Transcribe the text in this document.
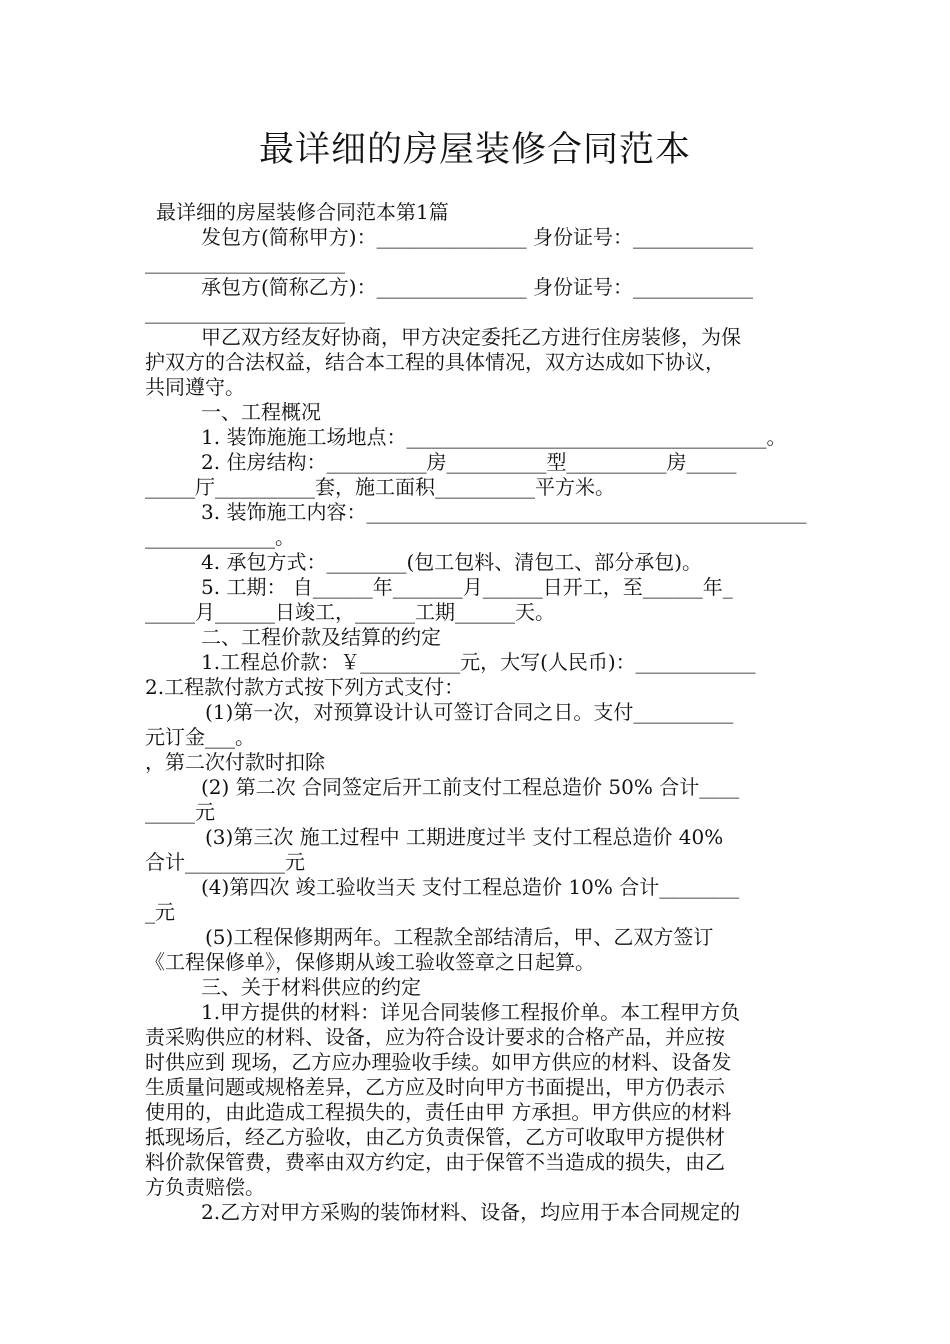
最详细的房屋装修合同范本
最详细的房屋装修合同范本第1篇
发包方(简称甲方)：_______________ 身份证号：____________
____________________
承包方(简称乙方)：_______________ 身份证号：____________
____________________
甲乙双方经友好协商，甲方决定委托乙方进行住房装修，为保
护双方的合法权益，结合本工程的具体情况，双方达成如下协议，
共同遵守。
一、工程概况
1. 装饰施施工场地点：____________________________________。
2. 住房结构：__________房__________型__________房_____
_____厅__________套，施工面积__________平方米。
3. 装饰施工内容：____________________________________________
_____________。
4. 承包方式：________(包工包料、清包工、部分承包)。
5. 工期： 自______年_______月______日开工，至______年_
_____月______日竣工，______工期______天。
二、工程价款及结算的约定
1.工程总价款：￥__________元，大写(人民币)：____________
2.工程款付款方式按下列方式支付：
(1)第一次，对预算设计认可签订合同之日。支付__________
元订金___。
，第二次付款时扣除
(2) 第二次 合同签定后开工前支付工程总造价 50% 合计____
_____元
(3)第三次 施工过程中 工期进度过半 支付工程总造价 40%
合计__________元
(4)第四次 竣工验收当天 支付工程总造价 10% 合计________
_元
(5)工程保修期两年。工程款全部结清后，甲、乙双方签订
《工程保修单》，保修期从竣工验收签章之日起算。
三、关于材料供应的约定
1.甲方提供的材料：详见合同装修工程报价单。本工程甲方负
责采购供应的材料、设备，应为符合设计要求的合格产品，并应按
时供应到 现场，乙方应办理验收手续。如甲方供应的材料、设备发
生质量问题或规格差异，乙方应及时向甲方书面提出，甲方仍表示
使用的，由此造成工程损失的，责任由甲 方承担。甲方供应的材料
抵现场后，经乙方验收，由乙方负责保管，乙方可收取甲方提供材
料价款保管费，费率由双方约定，由于保管不当造成的损失，由乙
方负责赔偿。
2.乙方对甲方采购的装饰材料、设备，均应用于本合同规定的
